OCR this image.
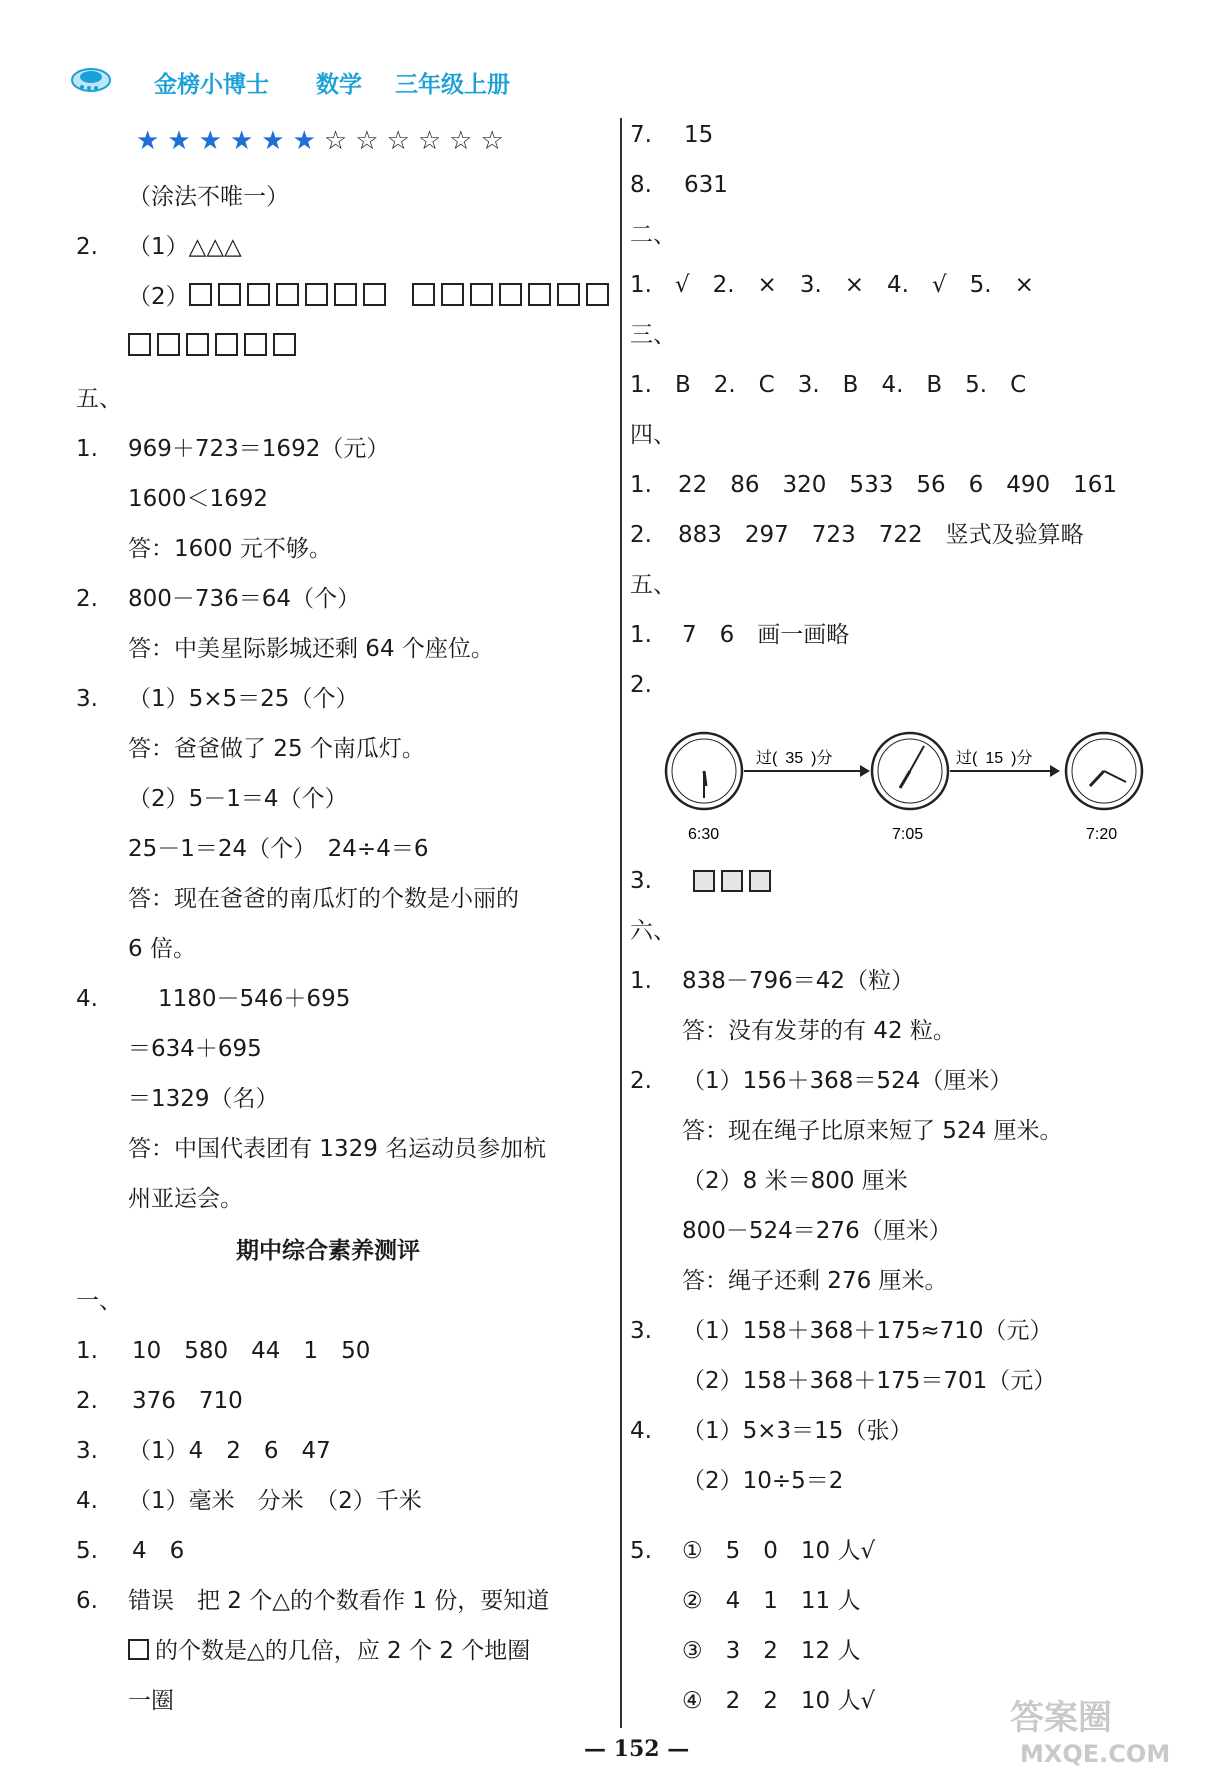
金榜小博士 数学 三年级上册
★★★★★★☆☆☆☆☆☆
（涂法不唯一）
2. （1）△△△
（2）
五、
1. 969＋723＝1692（元）
1600＜1692
答：1600 元不够。
2. 800－736＝64（个）
答：中美星际影城还剩 64 个座位。
3. （1）5×5＝25（个）
答：爸爸做了 25 个南瓜灯。
（2）5－1＝4（个）
25－1＝24（个）　24÷4＝6
答：现在爸爸的南瓜灯的个数是小丽的
6 倍。
4.	1180－546＋695
＝634＋695
＝1329（名）
答：中国代表团有 1329 名运动员参加杭
州亚运会。
期中综合素养测评
一、
1. 10　580　44　1　50
2. 376　710
3. （1）4　2　6　47
4. （1）毫米　分米　（2）千米
5. 4　6
6. 错误　把 2 个△的个数看作 1 份，要知道
的个数是△的几倍，应 2 个 2 个地圈
一圈
7. 15
8. 631
二、
1.　√　2.　×　3.　×　4.　√　5.　×
三、
1.　B　2.　C　3.　B　4.　B　5.　C
四、
1. 22　86　320　533　56　6　490　161
2. 883　297　723　722　竖式及验算略
五、
1. 7　6　画一画略
2.
6:30	7:05	7:20
过( 35 )分	过( 15 )分
3.
六、
1. 838－796＝42（粒）
答：没有发芽的有 42 粒。
2. （1）156＋368＝524（厘米）
答：现在绳子比原来短了 524 厘米。
（2）8 米＝800 厘米
800－524＝276（厘米）
答：绳子还剩 276 厘米。
3. （1）158＋368＋175≈710（元）
（2）158＋368＋175＝701（元）
4. （1）5×3＝15（张）
（2）10÷5＝2
5. ①　5　0　10 人√
②　4　1　11 人
③　3　2　12 人
④　2　2　10 人√
— 152 —
答案圈
MXQE.COM
